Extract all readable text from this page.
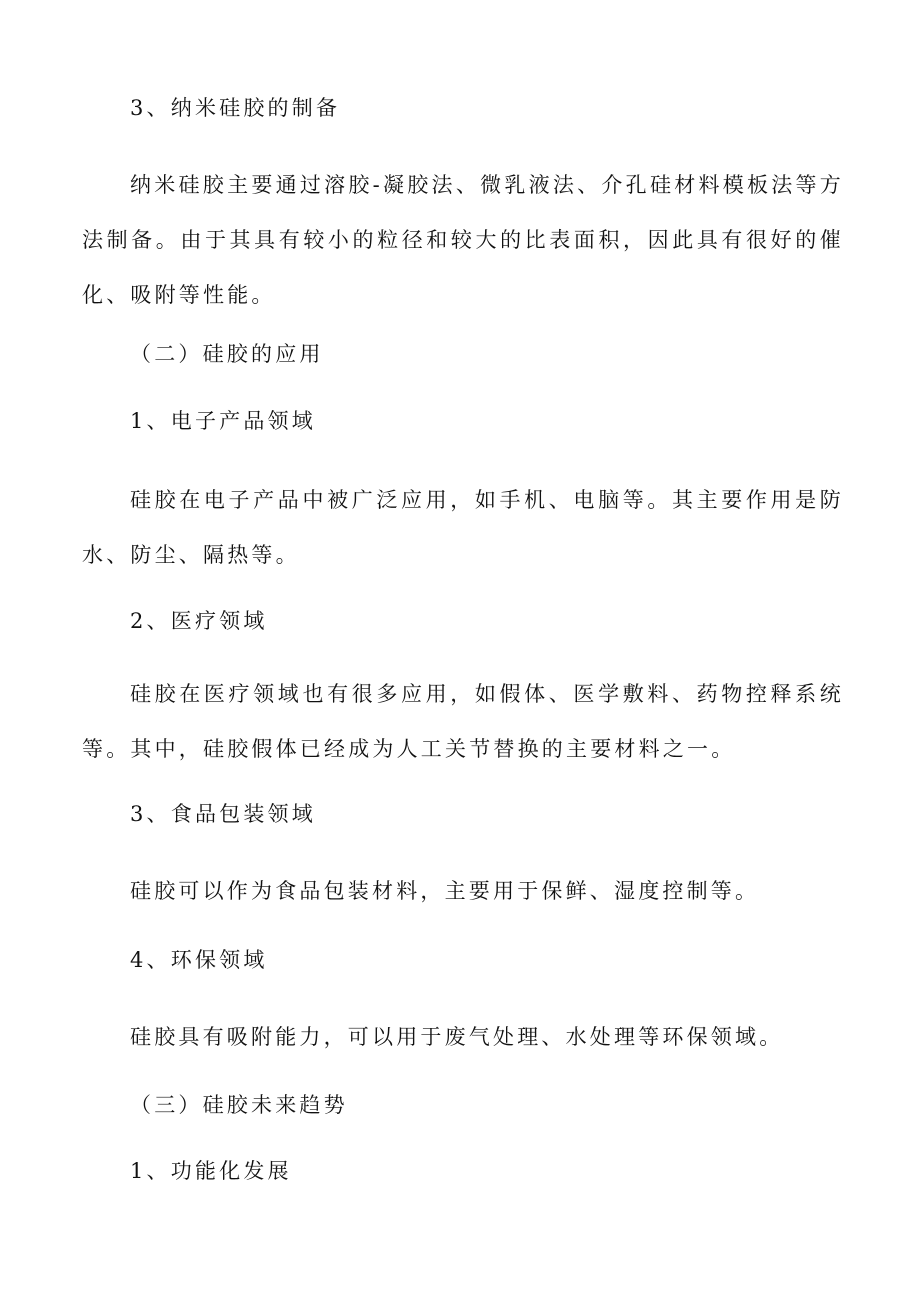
3、纳米硅胶的制备
纳米硅胶主要通过溶胶-凝胶法、微乳液法、介孔硅材料模板法等方法制备。由于其具有较小的粒径和较大的比表面积，因此具有很好的催化、吸附等性能。
（二）硅胶的应用
1、电子产品领域
硅胶在电子产品中被广泛应用，如手机、电脑等。其主要作用是防水、防尘、隔热等。
2、医疗领域
硅胶在医疗领域也有很多应用，如假体、医学敷料、药物控释系统等。其中，硅胶假体已经成为人工关节替换的主要材料之一。
3、食品包装领域
硅胶可以作为食品包装材料，主要用于保鲜、湿度控制等。
4、环保领域
硅胶具有吸附能力，可以用于废气处理、水处理等环保领域。
（三）硅胶未来趋势
1、功能化发展
